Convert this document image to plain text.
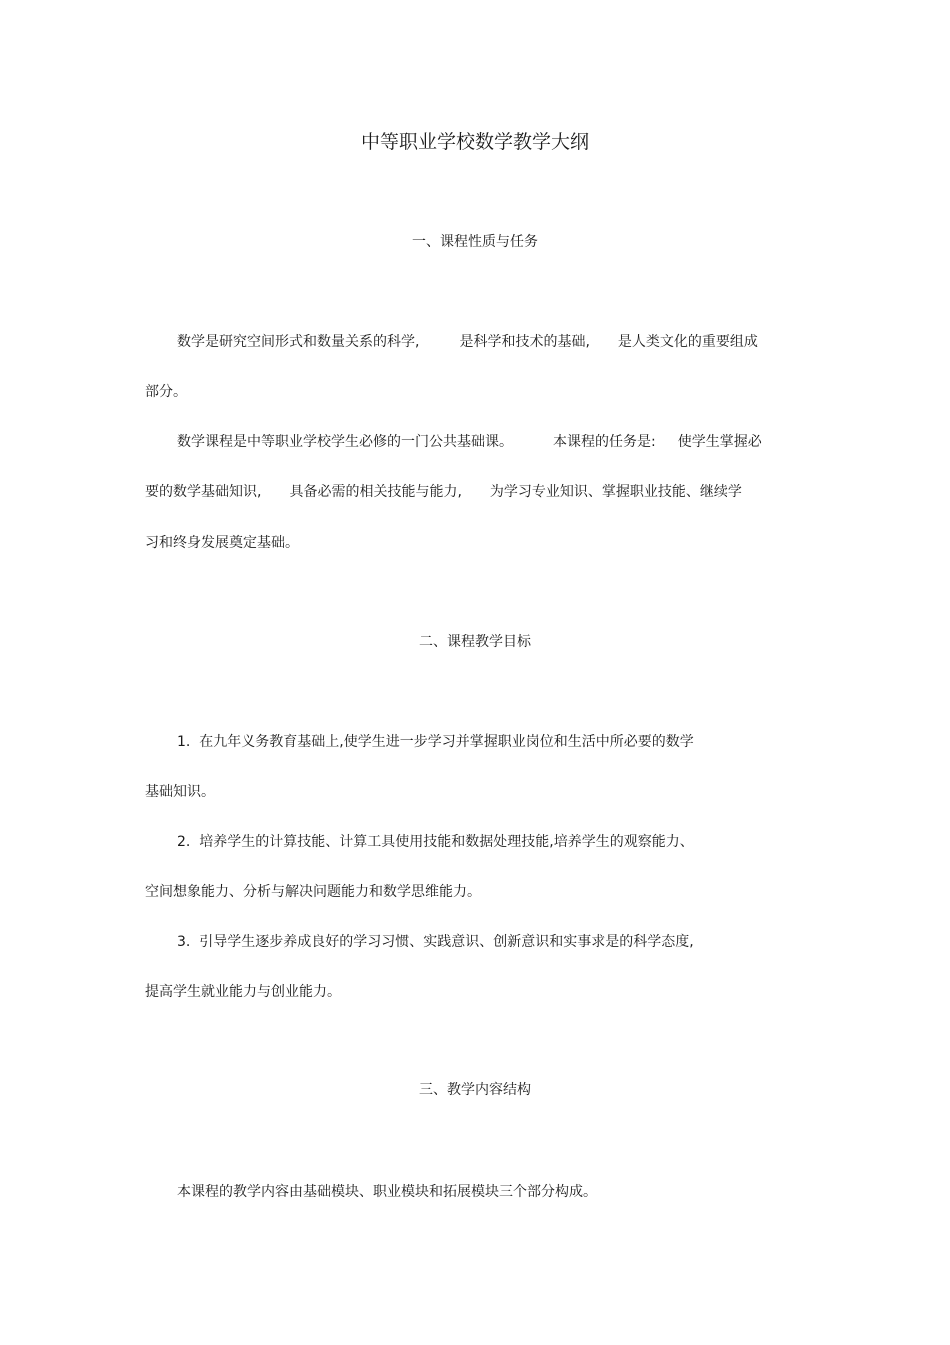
中等职业学校数学教学大纲
一、课程性质与任务
数学是研究空间形式和数量关系的科学,	是科学和技术的基础, 是人类文化的重要组成
部分。
数学课程是中等职业学校学生必修的一门公共基础课。	本课程的任务是: 使学生掌握必
要的数学基础知识, 具备必需的相关技能与能力, 为学习专业知识、掌握职业技能、继续学
习和终身发展奠定基础。
二、课程教学目标
1.  在九年义务教育基础上,使学生进一步学习并掌握职业岗位和生活中所必要的数学
基础知识。
2.  培养学生的计算技能、计算工具使用技能和数据处理技能,培养学生的观察能力、
空间想象能力、分析与解决问题能力和数学思维能力。
3.  引导学生逐步养成良好的学习习惯、实践意识、创新意识和实事求是的科学态度,
提高学生就业能力与创业能力。
三、教学内容结构
本课程的教学内容由基础模块、职业模块和拓展模块三个部分构成。
